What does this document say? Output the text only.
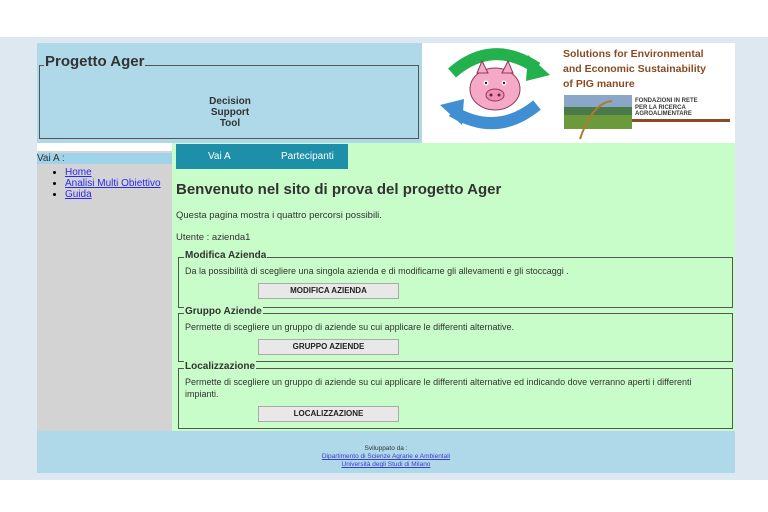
Progetto Ager
Decision
Support
Tool
Solutions for Environmental
and Economic Sustainability
of PIG manure
FONDAZIONI IN RETE
PER LA RICERCA
AGROALIMENTARE
Vai A :
• Home
• Analisi Multi Obiettivo
• Guida
Vai A	Partecipanti
Benvenuto nel sito di prova del progetto Ager
Questa pagina mostra i quattro percorsi possibili.
Utente : azienda1
Modifica Azienda
Da la possibilità di scegliere una singola azienda e di modificarne gli allevamenti e gli stoccaggi .
MODIFICA AZIENDA
Gruppo Aziende
Permette di scegliere un gruppo di aziende su cui applicare le differenti alternative.
GRUPPO AZIENDE
Localizzazione
Permette di scegliere un gruppo di aziende su cui applicare le differenti alternative ed indicando dove verranno aperti i differenti impianti.
LOCALIZZAZIONE
Sviluppato da :
Dipartimento di Scienze Agrarie e Ambientali
Università degli Studi di Milano
